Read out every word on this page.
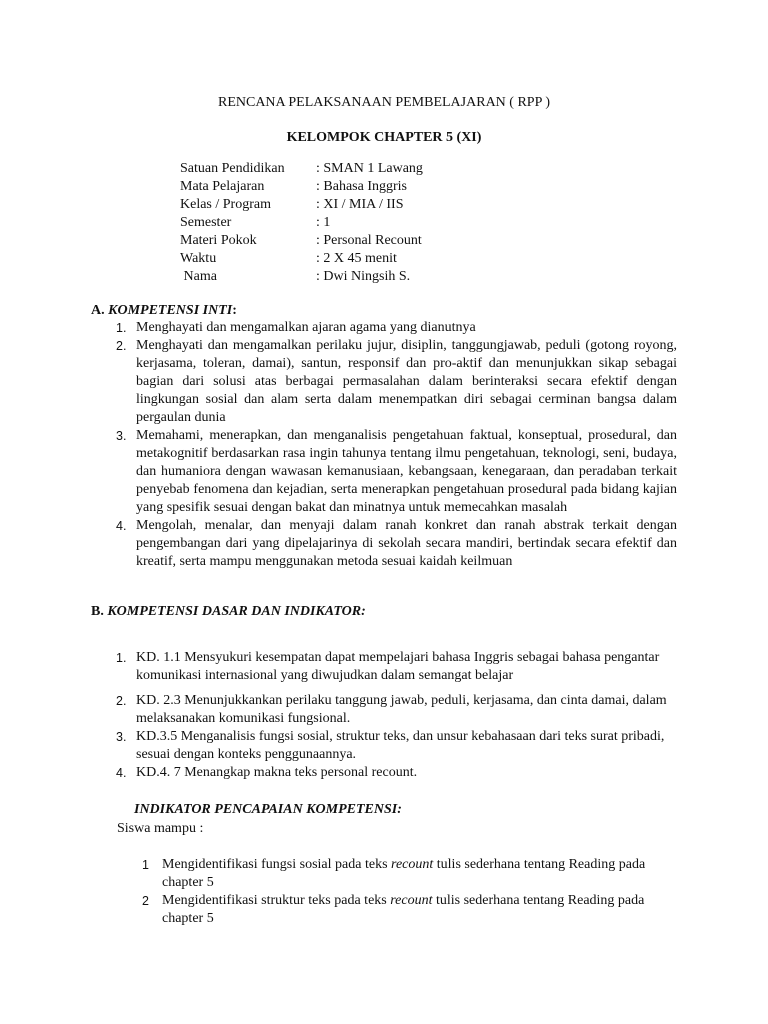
RENCANA PELAKSANAAN PEMBELAJARAN ( RPP )
KELOMPOK CHAPTER 5 (XI)
Satuan Pendidikan	: SMAN 1 Lawang
Mata Pelajaran	: Bahasa Inggris
Kelas / Program	: XI / MIA / IIS
Semester	: 1
Materi Pokok	: Personal Recount
Waktu	: 2 X 45 menit
Nama	: Dwi Ningsih S.
A. KOMPETENSI INTI:
1. Menghayati dan mengamalkan ajaran agama yang dianutnya
2. Menghayati dan mengamalkan perilaku jujur, disiplin, tanggungjawab, peduli (gotong royong, kerjasama, toleran, damai), santun, responsif dan pro-aktif dan menunjukkan sikap sebagai bagian dari solusi atas berbagai permasalahan dalam berinteraksi secara efektif dengan lingkungan sosial dan alam serta dalam menempatkan diri sebagai cerminan bangsa dalam pergaulan dunia
3. Memahami, menerapkan, dan menganalisis pengetahuan faktual, konseptual, prosedural, dan metakognitif berdasarkan rasa ingin tahunya tentang ilmu pengetahuan, teknologi, seni, budaya, dan humaniora dengan wawasan kemanusiaan, kebangsaan, kenegaraan, dan peradaban terkait penyebab fenomena dan kejadian, serta menerapkan pengetahuan prosedural pada bidang kajian yang spesifik sesuai dengan bakat dan minatnya untuk memecahkan masalah
4. Mengolah, menalar, dan menyaji dalam ranah konkret dan ranah abstrak terkait dengan pengembangan dari yang dipelajarinya di sekolah secara mandiri, bertindak secara efektif dan kreatif, serta mampu menggunakan metoda sesuai kaidah keilmuan
B. KOMPETENSI DASAR DAN INDIKATOR:
1. KD. 1.1 Mensyukuri kesempatan dapat mempelajari bahasa Inggris sebagai bahasa pengantar komunikasi internasional yang diwujudkan dalam semangat belajar
2. KD. 2.3 Menunjukkankan perilaku tanggung jawab, peduli, kerjasama, dan cinta damai, dalam melaksanakan komunikasi fungsional.
3. KD.3.5 Menganalisis fungsi sosial, struktur teks, dan unsur kebahasaan dari teks surat pribadi, sesuai dengan konteks penggunaannya.
4. KD.4. 7 Menangkap makna teks personal recount.
INDIKATOR PENCAPAIAN KOMPETENSI:
Siswa mampu :
1 Mengidentifikasi fungsi sosial pada teks recount tulis sederhana tentang Reading pada chapter 5
2 Mengidentifikasi struktur teks pada teks recount tulis sederhana tentang Reading pada chapter 5
